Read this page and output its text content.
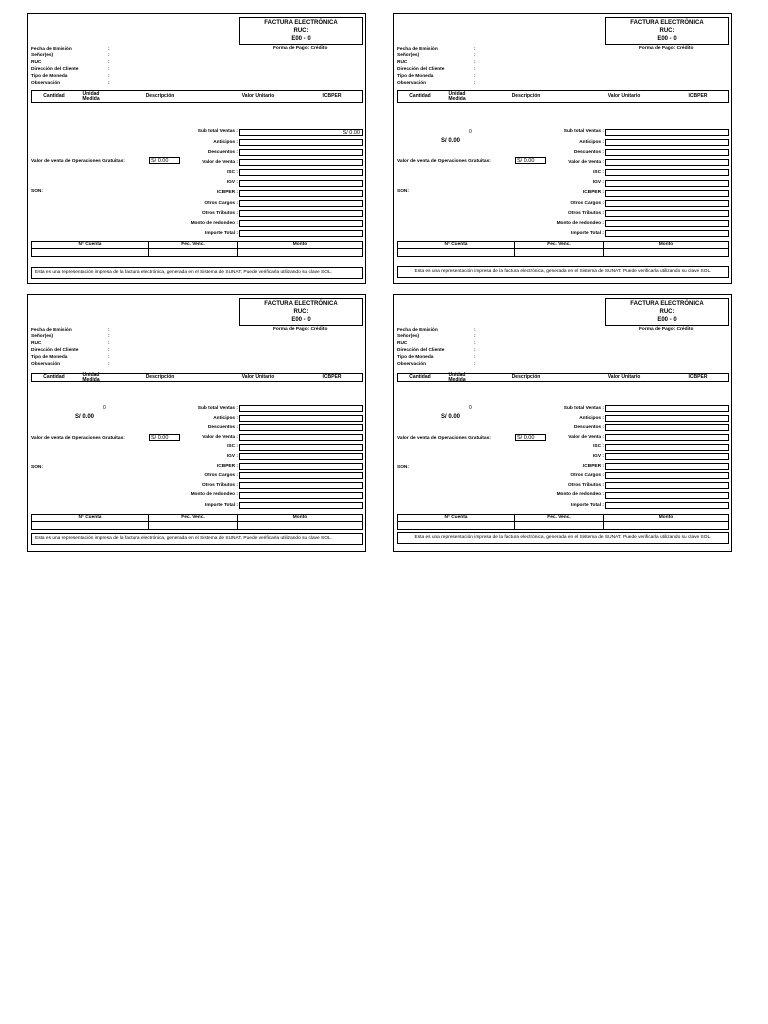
FACTURA ELECTRÓNICA
RUC:
E00 - 0
Fecha de Emisión	:
Señor(es)	:
RUC	:
Dirección del Cliente	:
Tipo de Moneda	:
Observación	:
Forma de Pago: Crédito
Cantidad	Unidad Medida	Descripción	Valor Unitario	ICBPER
Sub total Ventas :	S/ 0.00
Anticipos :
Descuentos :
Valor de Venta :
ISC :
IGV :
ICBPER :
Otros Cargos :
Otros Tributos :
Monto de redondeo :
Importe Total :
Valor de venta de Operaciones Gratuitas:	S/ 0.00
SON:
N° Cuenta	Fec. Venc.	Monto
Esta es una representación impresa de la factura electrónica, generada en el Sistema de SUNAT. Puede verificarla utilizando su clave SOL.
FACTURA ELECTRÓNICA
RUC:
E00 - 0
Fecha de Emisión	:
Señor(es)	:
RUC	:
Dirección del Cliente	:
Tipo de Moneda	:
Observación	:
Forma de Pago: Crédito
Cantidad	Unidad Medida	Descripción	Valor Unitario	ICBPER
0
S/ 0.00
Sub total Ventas :
Anticipos :
Descuentos :
Valor de Venta :
ISC :
IGV :
ICBPER :
Otros Cargos :
Otros Tributos :
Monto de redondeo :
Importe Total :
Valor de venta de Operaciones Gratuitas:	S/ 0.00
SON:
N° Cuenta	Fec. Venc.	Monto
Esta es una representación impresa de la factura electrónica, generada en el Sistema de SUNAT. Puede verificarla utilizando su clave SOL.
FACTURA ELECTRÓNICA
RUC:
E00 - 0
Fecha de Emisión	:
Señor(es)	:
RUC	:
Dirección del Cliente	:
Tipo de Moneda	:
Observación	:
Forma de Pago: Crédito
Cantidad	Unidad Medida	Descripción	Valor Unitario	ICBPER
0
S/ 0.00
Sub total Ventas :
Anticipos :
Descuentos :
Valor de Venta :
ISC :
IGV :
ICBPER :
Otros Cargos :
Otros Tributos :
Monto de redondeo :
Importe Total :
Valor de venta de Operaciones Gratuitas:	S/ 0.00
SON:
N° Cuenta	Fec. Venc.	Monto
Esta es una representación impresa de la factura electrónica, generada en el Sistema de SUNAT. Puede verificarla utilizando su clave SOL.
FACTURA ELECTRÓNICA
RUC:
E00 - 0
Fecha de Emisión	:
Señor(es)	:
RUC	:
Dirección del Cliente	:
Tipo de Moneda	:
Observación	:
Forma de Pago: Crédito
Cantidad	Unidad Medida	Descripción	Valor Unitario	ICBPER
0
S/ 0.00
Sub total Ventas :
Anticipos :
Descuentos :
Valor de Venta :
ISC :
IGV :
ICBPER :
Otros Cargos :
Otros Tributos :
Monto de redondeo :
Importe Total :
Valor de venta de Operaciones Gratuitas:	S/ 0.00
SON:
N° Cuenta	Fec. Venc.	Monto
Esta es una representación impresa de la factura electrónica, generada en el Sistema de SUNAT. Puede verificarla utilizando su clave SOL.
